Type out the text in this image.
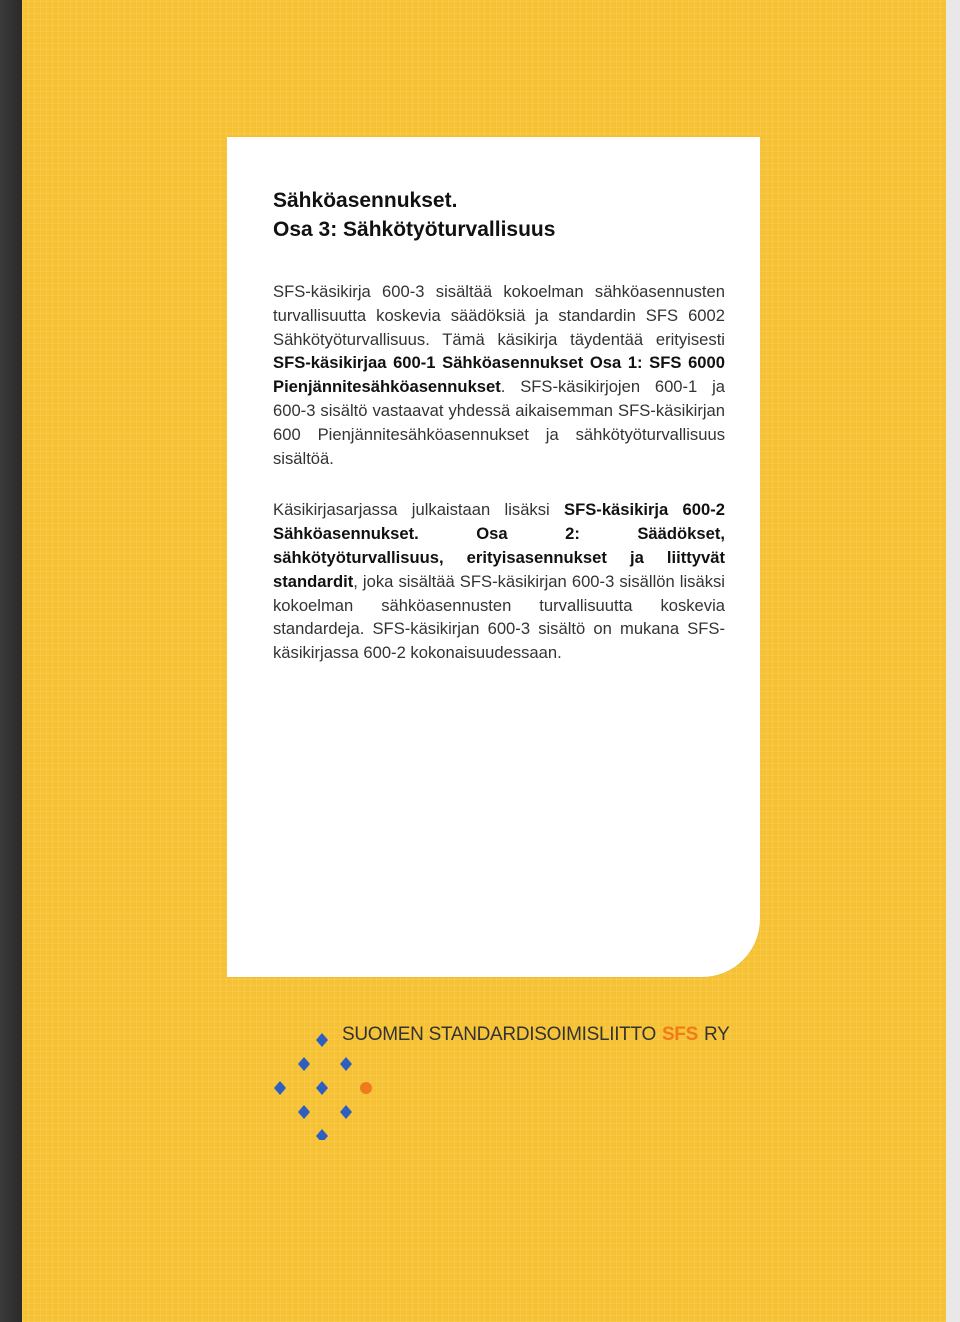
Sähköasennukset.
Osa 3: Sähkötyöturvallisuus

SFS-käsikirja 600-3 sisältää kokoelman sähköasennusten turvallisuutta koskevia säädöksiä ja standardin SFS 6002 Sähkötyöturvallisuus. Tämä käsikirja täydentää erityisesti SFS-käsikirjaa 600-1 Sähköasennukset Osa 1: SFS 6000 Pienjännitesähköasennukset. SFS-käsikirjojen 600-1 ja 600-3 sisältö vastaavat yhdessä aikaisemman SFS-käsikirjan 600 Pienjännitesähköasennukset ja sähkötyöturvallisuus sisältöä.

Käsikirjasarjassa julkaistaan lisäksi SFS-käsikirja 600-2 Sähköasennukset. Osa 2: Säädökset, sähkötyöturvallisuus, erityisasennukset ja liittyvät standardit, joka sisältää SFS-käsikirjan 600-3 sisällön lisäksi kokoelman sähköasennusten turvallisuutta koskevia standardeja. SFS-käsikirjan 600-3 sisältö on mukana SFS-käsikirjassa 600-2 kokonaisuudessaan.

SUOMEN STANDARDISOIMISLIITTO SFS RY
